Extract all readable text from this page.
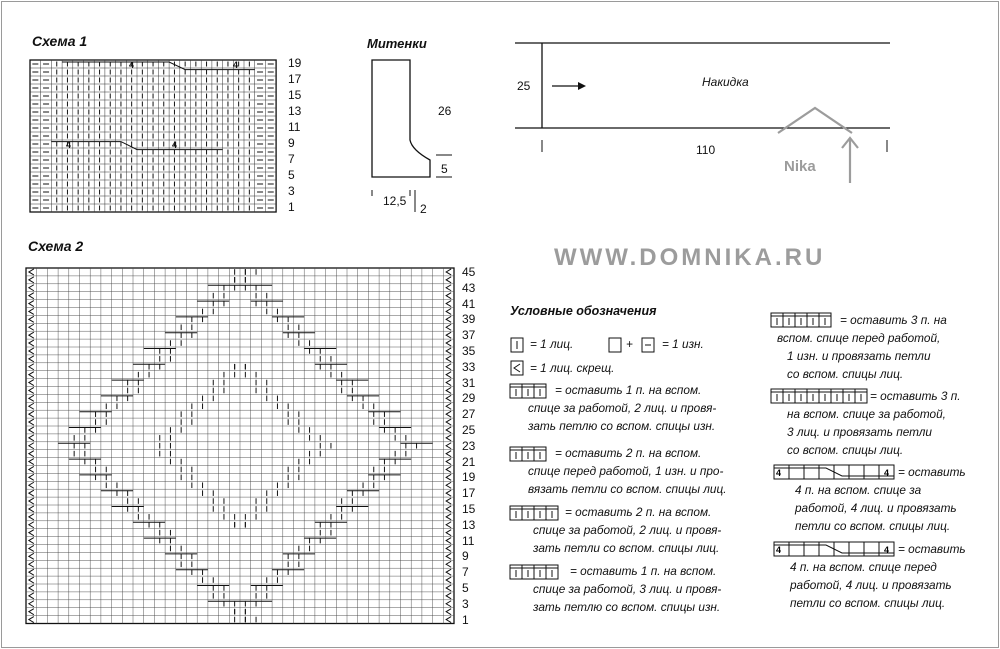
Схема 1
19
17
15
13
11
9
7
5
3
1
4	4
4	4
Митенки
26
5
12,5
2
Накидка
25
110
Nika
WWW.DOMNIKA.RU
Схема 2
45
43
41
39
37
35
33
31
29
27
25
23
21
19
17
15
13
11
9
7
5
3
1
Условные обозначения
4	4
4	4
= 1 лиц.	+ = 1 изн.
= 1 лиц. скрещ.
= оставить 1 п. на вспом.
спице за работой, 2 лиц. и провя-
зать петлю со вспом. спицы изн.
= оставить 2 п. на вспом.
спице перед работой, 1 изн. и про-
вязать петли со вспом. спицы лиц.
= оставить 2 п. на вспом.
спице за работой, 2 лиц. и провя-
зать петли со вспом. спицы лиц.
= оставить 1 п. на вспом.
спице за работой, 3 лиц. и провя-
зать петлю со вспом. спицы изн.
= оставить 3 п. на
вспом. спице перед работой,
1 изн. и провязать петли
со вспом. спицы лиц.
= оставить 3 п.
на вспом. спице за работой,
3 лиц. и провязать петли
со вспом. спицы лиц.
= оставить
4 п. на вспом. спице за
работой, 4 лиц. и провязать
петли со вспом. спицы лиц.
= оставить
4 п. на вспом. спице перед
работой, 4 лиц. и провязать
петли со вспом. спицы лиц.
